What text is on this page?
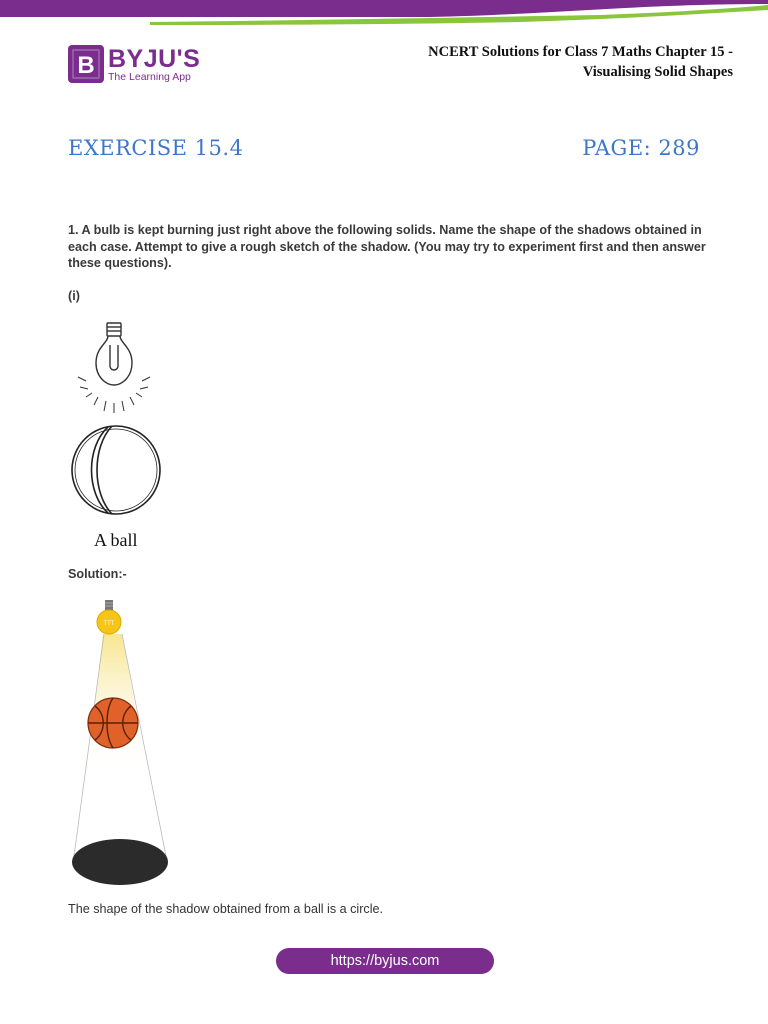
B BYJU'S
The Learning App
NCERT Solutions for Class 7 Maths Chapter 15 -
Visualising Solid Shapes
EXERCISE 15.4	PAGE: 289
1. A bulb is kept burning just right above the following solids. Name the shape of the shadows obtained in each case. Attempt to give a rough sketch of the shadow. (You may try to experiment first and then answer these questions).
(i)
A ball
Solution:-
TTT
The shape of the shadow obtained from a ball is a circle.
https://byjus.com
